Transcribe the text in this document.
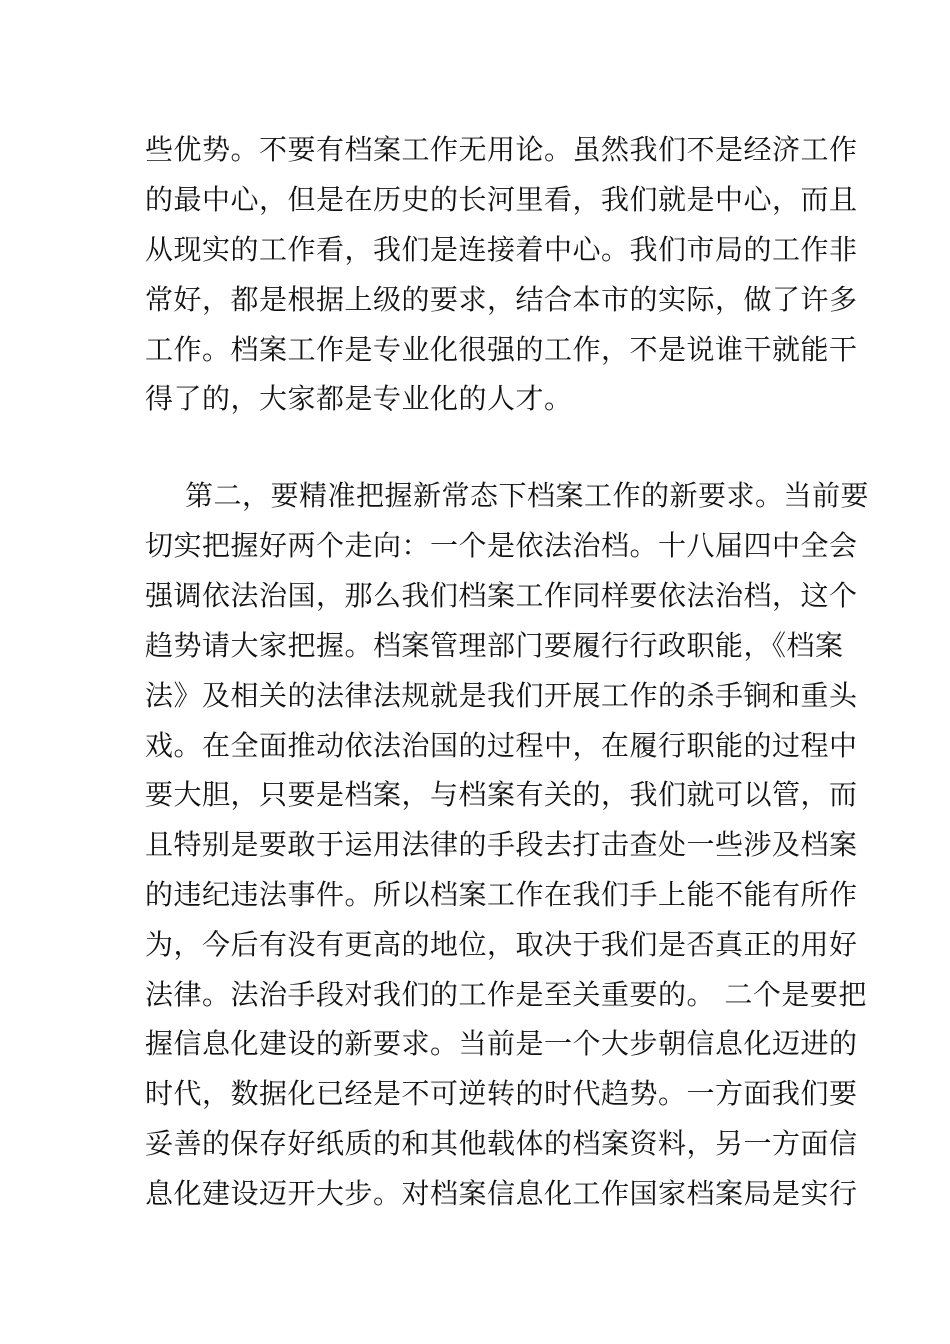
些优势。不要有档案工作无用论。虽然我们不是经济工作
的最中心，但是在历史的长河里看，我们就是中心，而且
从现实的工作看，我们是连接着中心。我们市局的工作非
常好，都是根据上级的要求，结合本市的实际，做了许多
工作。档案工作是专业化很强的工作，不是说谁干就能干
得了的，大家都是专业化的人才。
第二，要精准把握新常态下档案工作的新要求。当前要
切实把握好两个走向：一个是依法治档。十八届四中全会
强调依法治国，那么我们档案工作同样要依法治档，这个
趋势请大家把握。档案管理部门要履行行政职能，《档案
法》及相关的法律法规就是我们开展工作的杀手锏和重头
戏。在全面推动依法治国的过程中，在履行职能的过程中
要大胆，只要是档案，与档案有关的，我们就可以管，而
且特别是要敢于运用法律的手段去打击查处一些涉及档案
的违纪违法事件。所以档案工作在我们手上能不能有所作
为，今后有没有更高的地位，取决于我们是否真正的用好
法律。法治手段对我们的工作是至关重要的。 二个是要把
握信息化建设的新要求。当前是一个大步朝信息化迈进的
时代，数据化已经是不可逆转的时代趋势。一方面我们要
妥善的保存好纸质的和其他载体的档案资料，另一方面信
息化建设迈开大步。对档案信息化工作国家档案局是实行
